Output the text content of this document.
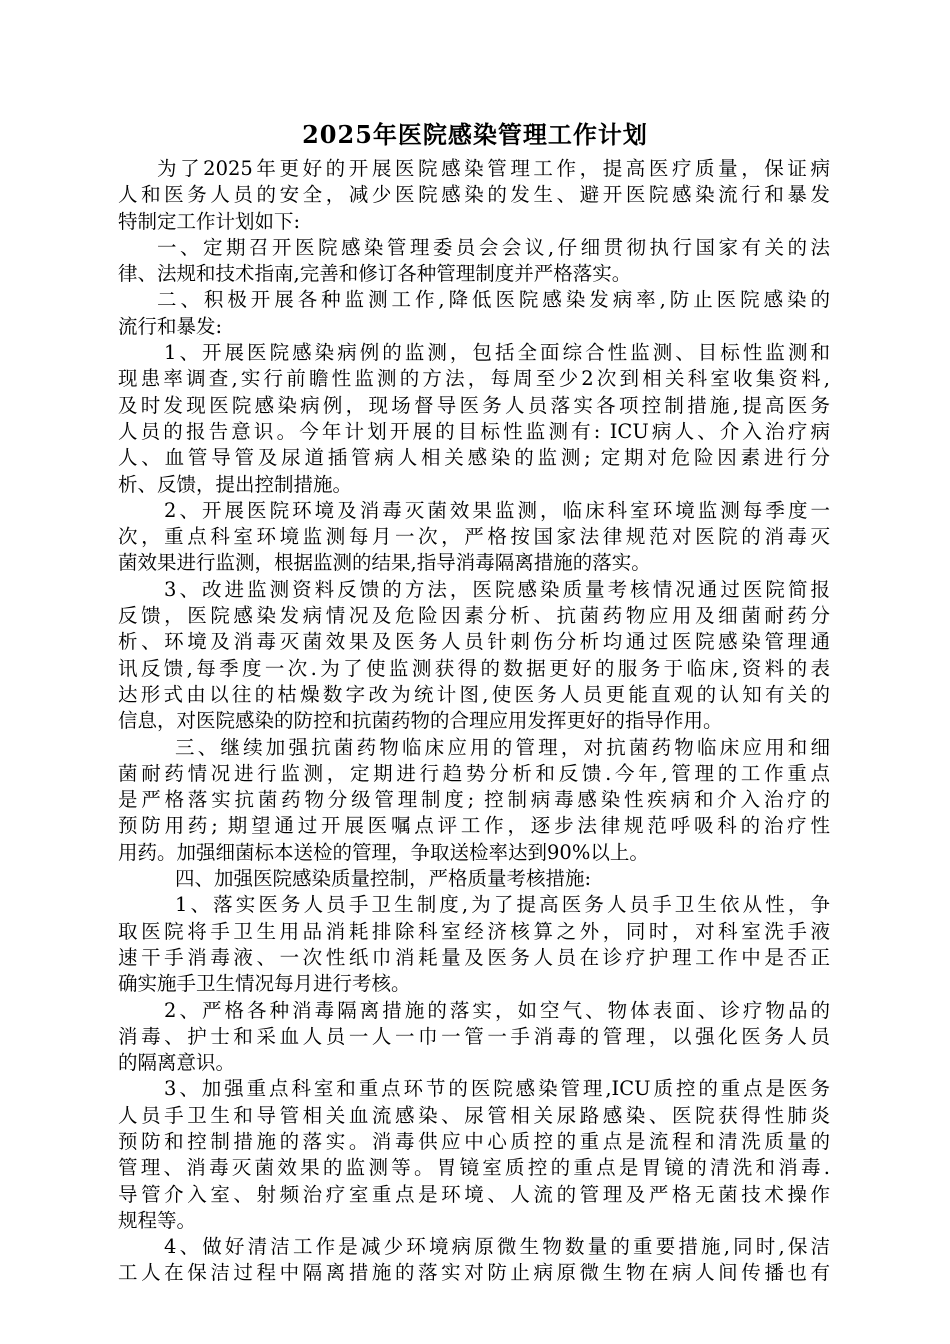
2025年医院感染管理工作计划
为了2025年更好的开展医院感染管理工作，提高医疗质量，保证病
人和医务人员的安全，减少医院感染的发生、避开医院感染流行和暴发
特制定工作计划如下:
一、定期召开医院感染管理委员会会议,仔细贯彻执行国家有关的法
律、法规和技术指南,完善和修订各种管理制度并严格落实。
二、积极开展各种监测工作,降低医院感染发病率,防止医院感染的
流行和暴发:
1、开展医院感染病例的监测，包括全面综合性监测、目标性监测和
现患率调查,实行前瞻性监测的方法，每周至少2次到相关科室收集资料,
及时发现医院感染病例，现场督导医务人员落实各项控制措施,提高医务
人员的报告意识。今年计划开展的目标性监测有: ICU病人、介入治疗病
人、血管导管及尿道插管病人相关感染的监测; 定期对危险因素进行分
析、反馈，提出控制措施。
2、开展医院环境及消毒灭菌效果监测，临床科室环境监测每季度一
次，重点科室环境监测每月一次，严格按国家法律规范对医院的消毒灭
菌效果进行监测，根据监测的结果,指导消毒隔离措施的落实。
3、改进监测资料反馈的方法，医院感染质量考核情况通过医院简报
反馈，医院感染发病情况及危险因素分析、抗菌药物应用及细菌耐药分
析、环境及消毒灭菌效果及医务人员针刺伤分析均通过医院感染管理通
讯反馈,每季度一次.为了使监测获得的数据更好的服务于临床,资料的表
达形式由以往的枯燥数字改为统计图,使医务人员更能直观的认知有关的
信息，对医院感染的防控和抗菌药物的合理应用发挥更好的指导作用。
三、继续加强抗菌药物临床应用的管理，对抗菌药物临床应用和细
菌耐药情况进行监测，定期进行趋势分析和反馈.今年,管理的工作重点
是严格落实抗菌药物分级管理制度; 控制病毒感染性疾病和介入治疗的
预防用药; 期望通过开展医嘱点评工作，逐步法律规范呼吸科的治疗性
用药。加强细菌标本送检的管理，争取送检率达到90%以上。
四、加强医院感染质量控制，严格质量考核措施:
1、落实医务人员手卫生制度,为了提高医务人员手卫生依从性，争
取医院将手卫生用品消耗排除科室经济核算之外，同时，对科室洗手液
速干手消毒液、一次性纸巾消耗量及医务人员在诊疗护理工作中是否正
确实施手卫生情况每月进行考核。
2、严格各种消毒隔离措施的落实，如空气、物体表面、诊疗物品的
消毒、护士和采血人员一人一巾一管一手消毒的管理，以强化医务人员
的隔离意识。
3、加强重点科室和重点环节的医院感染管理,ICU质控的重点是医务
人员手卫生和导管相关血流感染、尿管相关尿路感染、医院获得性肺炎
预防和控制措施的落实。消毒供应中心质控的重点是流程和清洗质量的
管理、消毒灭菌效果的监测等。胃镜室质控的重点是胃镜的清洗和消毒.
导管介入室、射频治疗室重点是环境、人流的管理及严格无菌技术操作
规程等。
4、做好清洁工作是减少环境病原微生物数量的重要措施,同时,保洁
工人在保洁过程中隔离措施的落实对防止病原微生物在病人间传播也有
